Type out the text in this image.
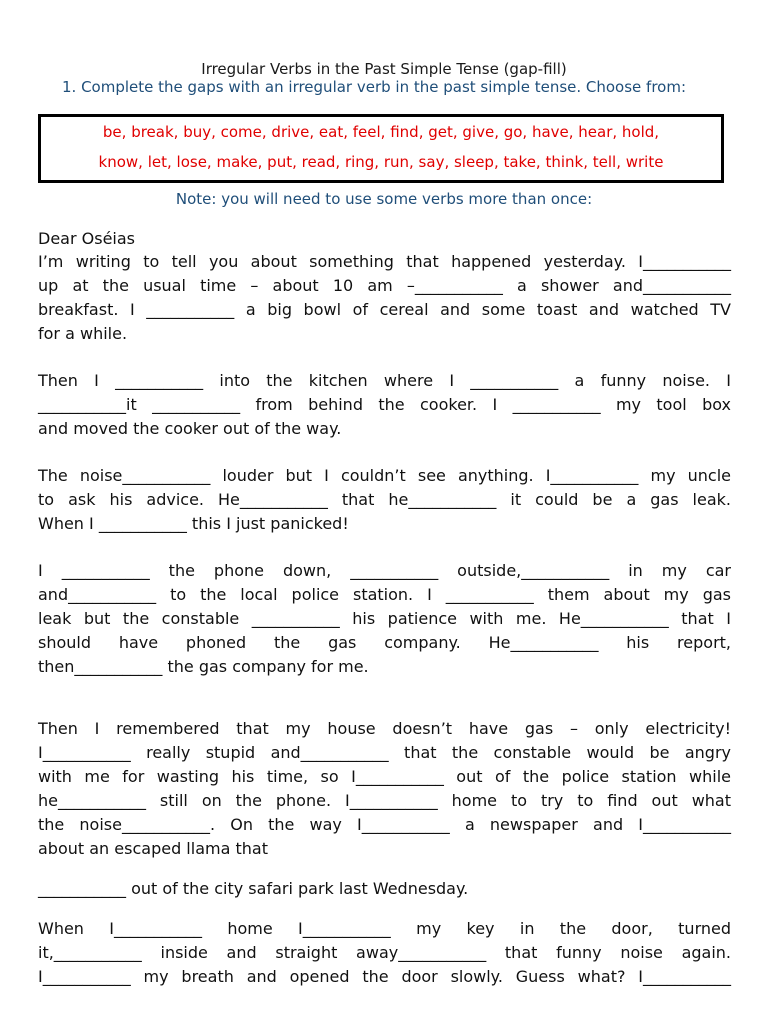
Irregular Verbs in the Past Simple Tense (gap-fill)
1. Complete the gaps with an irregular verb in the past simple tense. Choose from:
be, break, buy, come, drive, eat, feel, find, get, give, go, have, hear, hold,
know, let, lose, make, put, read, ring, run, say, sleep, take, think, tell, write
Note: you will need to use some verbs more than once:
Dear Oséias
I’m writing to tell you about something that happened yesterday. I___________
up at the usual time – about 10 am –___________ a shower and___________
breakfast. I ___________ a big bowl of cereal and some toast and watched TV
for a while.
Then I ___________ into the kitchen where I ___________ a funny noise. I
___________it ___________ from behind the cooker. I ___________ my tool box
and moved the cooker out of the way.
The noise___________ louder but I couldn’t see anything. I___________ my uncle
to ask his advice. He___________ that he___________ it could be a gas leak.
When I ___________ this I just panicked!
I ___________ the phone down, ___________ outside,___________ in my car
and___________ to the local police station. I ___________ them about my gas
leak but the constable ___________ his patience with me. He___________ that I
should have phoned the gas company. He___________ his report,
then___________ the gas company for me.
Then I remembered that my house doesn’t have gas – only electricity!
I___________ really stupid and___________ that the constable would be angry
with me for wasting his time, so I___________ out of the police station while
he___________ still on the phone. I___________ home to try to find out what
the noise___________. On the way I___________ a newspaper and I___________
about an escaped llama that
___________ out of the city safari park last Wednesday.
When I___________ home I___________ my key in the door, turned
it,___________ inside and straight away___________ that funny noise again.
I___________ my breath and opened the door slowly. Guess what? I___________
